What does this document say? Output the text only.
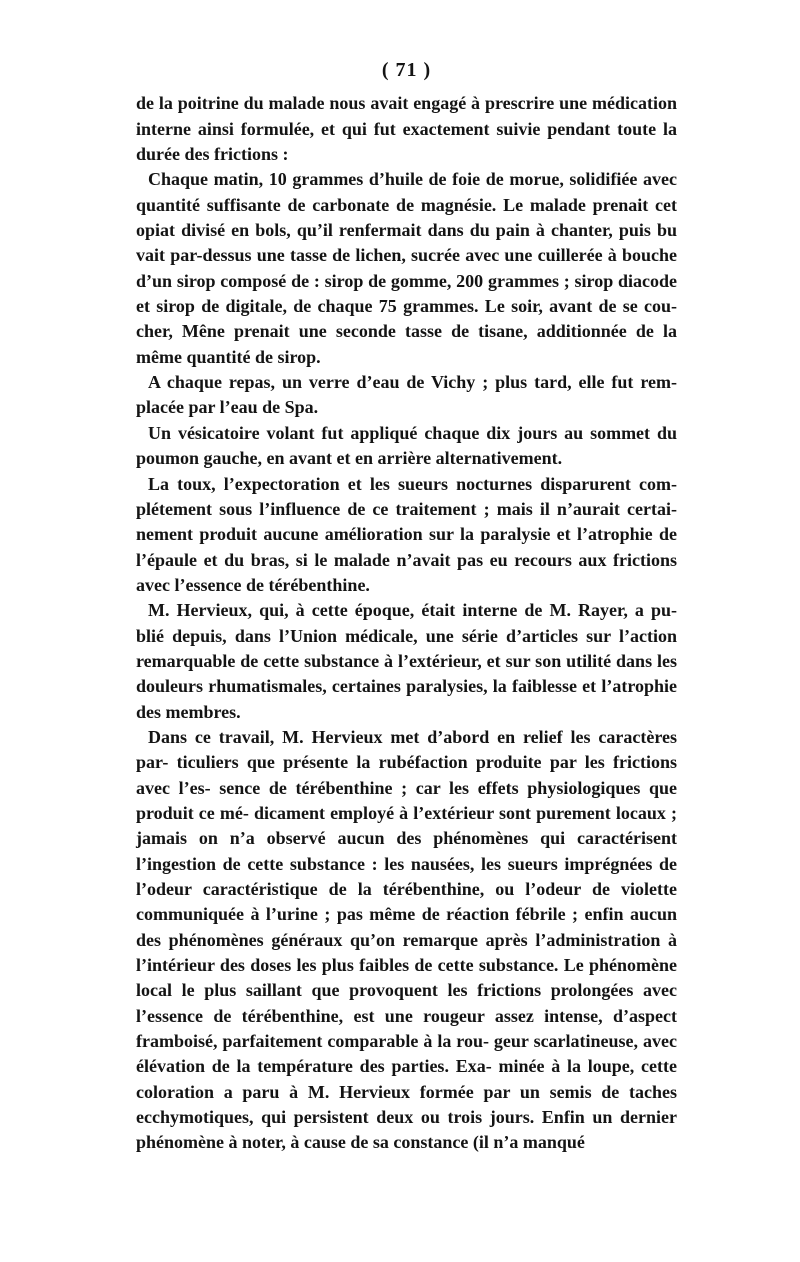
( 71 )

de la poitrine du malade nous avait engagé à prescrire une médication interne ainsi formulée, et qui fut exactement suivie pendant toute la durée des frictions :

Chaque matin, 10 grammes d’huile de foie de morue, solidifiée avec quantité suffisante de carbonate de magnésie. Le malade prenait cet opiat divisé en bols, qu’il renfermait dans du pain à chanter, puis bu vait par-dessus une tasse de lichen, sucrée avec une cuillerée à bouche d’un sirop composé de : sirop de gomme, 200 grammes ; sirop diacode et sirop de digitale, de chaque 75 grammes. Le soir, avant de se cou- cher, Mêne prenait une seconde tasse de tisane, additionnée de la même quantité de sirop.

A chaque repas, un verre d’eau de Vichy ; plus tard, elle fut rem- placée par l’eau de Spa.

Un vésicatoire volant fut appliqué chaque dix jours au sommet du poumon gauche, en avant et en arrière alternativement.

La toux, l’expectoration et les sueurs nocturnes disparurent com- plétement sous l’influence de ce traitement ; mais il n’aurait certai- nement produit aucune amélioration sur la paralysie et l’atrophie de l’épaule et du bras, si le malade n’avait pas eu recours aux frictions avec l’essence de térébenthine.

M. Hervieux, qui, à cette époque, était interne de M. Rayer, a pu- blié depuis, dans l’Union médicale, une série d’articles sur l’action remarquable de cette substance à l’extérieur, et sur son utilité dans les douleurs rhumatismales, certaines paralysies, la faiblesse et l’atrophie des membres.

Dans ce travail, M. Hervieux met d’abord en relief les caractères par- ticuliers que présente la rubéfaction produite par les frictions avec l’es- sence de térébenthine ; car les effets physiologiques que produit ce mé- dicament employé à l’extérieur sont purement locaux ; jamais on n’a observé aucun des phénomènes qui caractérisent l’ingestion de cette substance : les nausées, les sueurs imprégnées de l’odeur caractéristique de la térébenthine, ou l’odeur de violette communiquée à l’urine ; pas même de réaction fébrile ; enfin aucun des phénomènes généraux qu’on remarque après l’administration à l’intérieur des doses les plus faibles de cette substance. Le phénomène local le plus saillant que provoquent les frictions prolongées avec l’essence de térébenthine, est une rougeur assez intense, d’aspect framboisé, parfaitement comparable à la rou- geur scarlatineuse, avec élévation de la température des parties. Exa- minée à la loupe, cette coloration a paru à M. Hervieux formée par un semis de taches ecchymotiques, qui persistent deux ou trois jours. Enfin un dernier phénomène à noter, à cause de sa constance (il n’a manqué
